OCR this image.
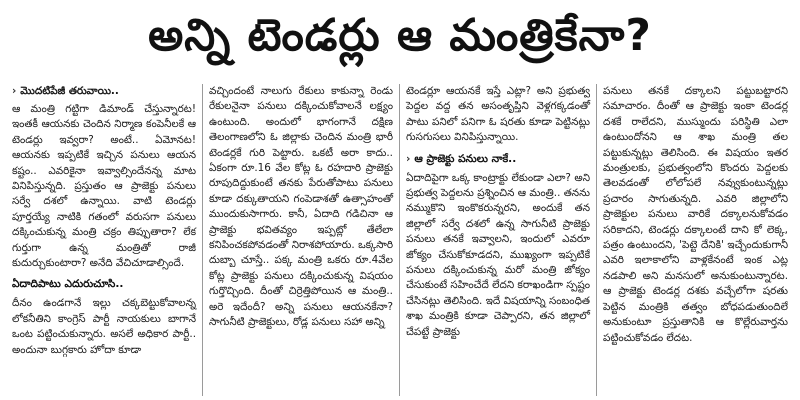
అన్ని టెండర్లు ఆ మంత్రికేనా?
› మొదటిపేజీ తరువాయి..

ఆ మంత్రి గట్టిగా డిమాండ్ చేస్తున్నారట! ఇంతకీ ఆయనకు చెందిన నిర్మాణ కంపెనీలకే ఆ టెండర్లు ఇవ్వరా? అంటే.. ఏమోనట! ఆయనకు ఇప్పటికే ఇచ్చిన పనులు ఆయన కష్టం.. ఎవరికైనా ఇవ్వాల్సిందేనన్న మాట వినిపిస్తున్నది. ప్రస్తుతం ఆ ప్రాజెక్టు పనులు సర్వే దశలో ఉన్నాయి. వాటి టెండర్లు పూర్తయ్యే నాటికి గతంలో వరుసగా పనులు దక్కించుకున్న మంత్రి చక్రం తిప్పుతారా? లేక గుర్తుగా ఉన్న మంత్రితో రాజీ కుదుర్చుకుంటారా? అనేది వేచిచూడాల్సిందే.

ఏదాదిపాటు ఎదురుచూసి..

దీనం ఉండగానే ఇల్లు చక్కబెట్టుకోవాలన్న లోకనీతిని కాంగ్రెస్ పార్టీ నాయకులు బాగానే ఒంట పట్టించుకున్నారు. అసలే అధికార పార్టీ.. అందునా బుగ్గకారు హోదా కూడా

వచ్చిందంటే నాలుగు రేకులు కాకున్నా రెండు రేకులనైనా పనులు దక్కించుకోవాలనే లక్ష్యం ఉంటుంది. అందులో భాగంగానే దక్షిణ తెలంగాణలోని ఓ జిల్లాకు చెందిన మంత్రి భారీ టెండర్లకే గురి పెట్టారు. ఒకటీ అరా కాదు.. ఏకంగా రూ.16 వేల కోట్ల ఓ రహదారి ప్రాజెక్టు రూపుదిద్దుకుంటే తనకు పేరుతోపాటు పనులు కూడా దక్కుతాయని గంపెడాశతో ఉత్సాహంతో ముందుకుసాగారు. కానీ, ఏదాది గడిచినా ఆ ప్రాజెక్టు భవితవ్యం ఇప్పట్లో తేలేలా కనిపించకపోవడంతో నిరాశపోయారు. ఒక్కసారి దుబ్బా చూస్తే.. పక్క మంత్రి ఒకరు రూ.4వేల కోట్ల ప్రాజెక్టు పనులు దక్కించుకున్న విషయం గుర్తొచ్చింది. దీంతో చిర్రెత్తిపోయిన ఆ మంత్రి.. అరె ఇదేందీ? అన్ని పనులు ఆయనకేనా? సాగునీటి ప్రాజెక్టులు, రోడ్ల పనులు సహా అన్ని

టెండర్లూ ఆయనకే ఇస్తే ఎట్లా? అని ప్రభుత్వ పెద్దల వద్ద తన అసంతృప్తిని వెళ్లగక్కడంతో పాటు పనిలో పనిగా ఓ షరతు కూడా పెట్టినట్లు గుసగుసలు వినిపిస్తున్నాయి.

› ఆ ప్రాజెక్టు పనులు నాకే..

ఏదాదిపైగా ఒక్క కాంట్రాక్టు లేకుండా ఎలా? అని ప్రభుత్వ పెద్దలను ప్రశ్నించిన ఆ మంత్రి.. తనను నమ్ముకొని ఇంకొకరున్నరని, అందుకే తన జిల్లాలో సర్వే దశలో ఉన్న సాగునీటి ప్రాజెక్టు పనులు తనకే ఇవ్వాలని, ఇందులో ఎవరూ జోక్యం చేసుకోకూడదని, ముఖ్యంగా ఇప్పటికే పనులు దక్కించుకున్న మరో మంత్రి జోక్యం చేసుకుంటే సహించేదే లేదని కరాఖండిగా స్పష్టం చేసినట్లు తెలిసింది. ఇదే విషయాన్ని సంబంధిత శాఖ మంత్రికి కూడా చెప్పారని, తన జిల్లాలో చేపట్టే ప్రాజెక్టు

పనులు తనకే దక్కాలని పట్టుబట్టారని సమాచారం. దీంతో ఆ ప్రాజెక్టు ఇంకా టెండర్ల దశకే రాలేదని, ముస్ముందు పరిస్థితి ఎలా ఉంటుందోనని ఆ శాఖ మంత్రి తల పట్టుకున్నట్లు తెలిసింది. ఈ విషయం ఇతర మంత్రులకు, ప్రభుత్వంలోని కొందరు పెద్దలకు తెలవడంతో లోలోపలే నవ్వుకుంటున్నట్లు ప్రచారం సాగుతున్నది. ఎవరి జిల్లాలోని ప్రాజెక్టుల పనులు వారికే దక్కాలనుకోవడం సరికాదని, టెండర్లు దక్కాలంటే దాని కో లెక్క, పత్రం ఉంటుందని, 'పెట్టె దేనికి' ఇచ్చేందుకుగానీ ఎవరి ఇలాకాలోని వాళ్లకేనంటే ఇంక ఎట్ల నడపాలి అని మనసులో అనుకుంటున్నారట. ఆ ప్రాజెక్టు టెండర్ల దశకు వచ్చేలోగా షరతు పెట్టిన మంత్రికి తత్వం బోధపడుతుందిలే అనుకుంటూ ప్రస్తుతానికి ఆ కొల్లేరువార్తను పట్టించుకోవడం లేదట.
